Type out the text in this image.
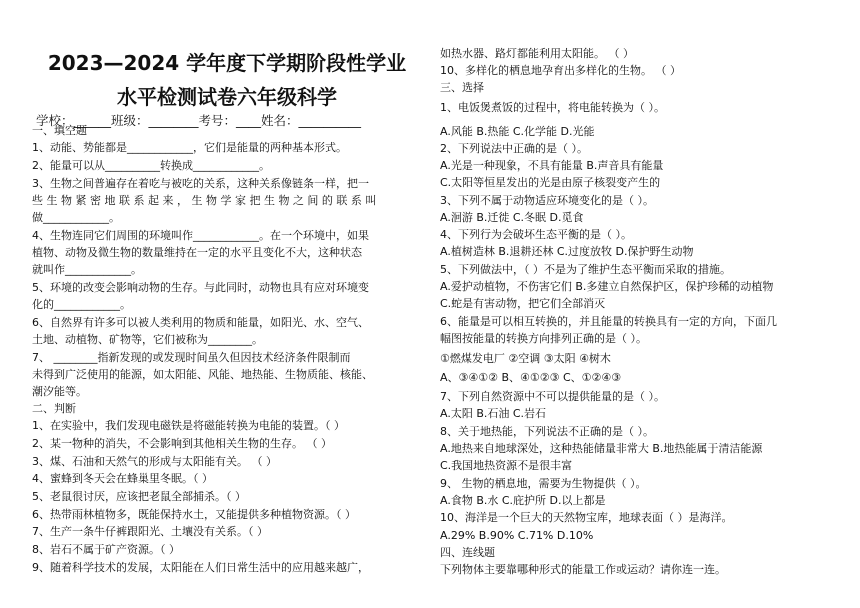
2023—2024 学年度下学期阶段性学业
水平检测试卷六年级科学
学校：______班级：________考号：____姓名：__________
一、填空题
1、动能、势能都是____________，它们是能量的两种基本形式。
2、能量可以从__________转换成____________。
3、生物之间普遍存在着吃与被吃的关系，这种关系像链条一样，把一
些 生 物 紧 密 地 联 系 起 来 ， 生 物 学 家 把 生 物 之 间 的 联 系 叫
做____________。
4、生物连同它们周围的环境叫作____________。在一个环境中，如果
植物、动物及微生物的数量维持在一定的水平且变化不大，这种状态
就叫作____________。
5、环境的改变会影响动物的生存。与此同时，动物也具有应对环境变
化的____________。
6、自然界有许多可以被人类利用的物质和能量，如阳光、水、空气、
土地、动植物、矿物等，它们被称为________。
7、 ________指新发现的或发现时间虽久但因技术经济条件限制而
未得到广泛使用的能源，如太阳能、风能、地热能、生物质能、核能、
潮汐能等。
二、判断
1、在实验中，我们发现电磁铁是将磁能转换为电能的装置。（ ）
2、某一物种的消失，不会影响到其他相关生物的生存。 （ ）
3、煤、石油和天然气的形成与太阳能有关。 （ ）
4、蜜蜂到冬天会在蜂巢里冬眠。（ ）
5、老鼠很讨厌，应该把老鼠全部捕杀。（ ）
6、热带雨林植物多，既能保持水土，又能提供多种植物资源。（ ）
7、生产一条牛仔裤跟阳光、土壤没有关系。（ ）
8、岩石不属于矿产资源。（ ）
9、随着科学技术的发展，太阳能在人们日常生活中的应用越来越广，
如热水器、路灯都能利用太阳能。 （ ）
10、多样化的栖息地孕育出多样化的生物。 （ ）
三、选择
1、电饭煲煮饭的过程中，将电能转换为（ ）。
A.风能 B.热能 C.化学能 D.光能
2、下列说法中正确的是（ ）。
A.光是一种现象，不具有能量 B.声音具有能量
C.太阳等恒星发出的光是由原子核裂变产生的
3、下列不属于动物适应环境变化的是（ ）。
A.洄游 B.迁徙 C.冬眠 D.觅食
4、下列行为会破坏生态平衡的是（ ）。
A.植树造林 B.退耕还林 C.过度放牧 D.保护野生动物
5、下列做法中，（ ）不是为了维护生态平衡而采取的措施。
A.爱护动植物，不伤害它们 B.多建立自然保护区，保护珍稀的动植物
C.蛇是有害动物，把它们全部消灭
6、能量是可以相互转换的，并且能量的转换具有一定的方向，下面几
幅图按能量的转换方向排列正确的是（ ）。
①燃煤发电厂 ②空调 ③太阳 ④树木
A、③④①② B、④①②③ C、①②④③
7、下列自然资源中不可以提供能量的是（ ）。
A.太阳 B.石油 C.岩石
8、关于地热能，下列说法不正确的是（ ）。
A.地热来自地球深处，这种热能储量非常大 B.地热能属于清洁能源
C.我国地热资源不是很丰富
9、 生物的栖息地，需要为生物提供（ ）。
A.食物 B.水 C.庇护所 D.以上都是
10、海洋是一个巨大的天然物宝库，地球表面（ ）是海洋。
A.29% B.90% C.71% D.10%
四、连线题
下列物体主要靠哪种形式的能量工作或运动？请你连一连。
